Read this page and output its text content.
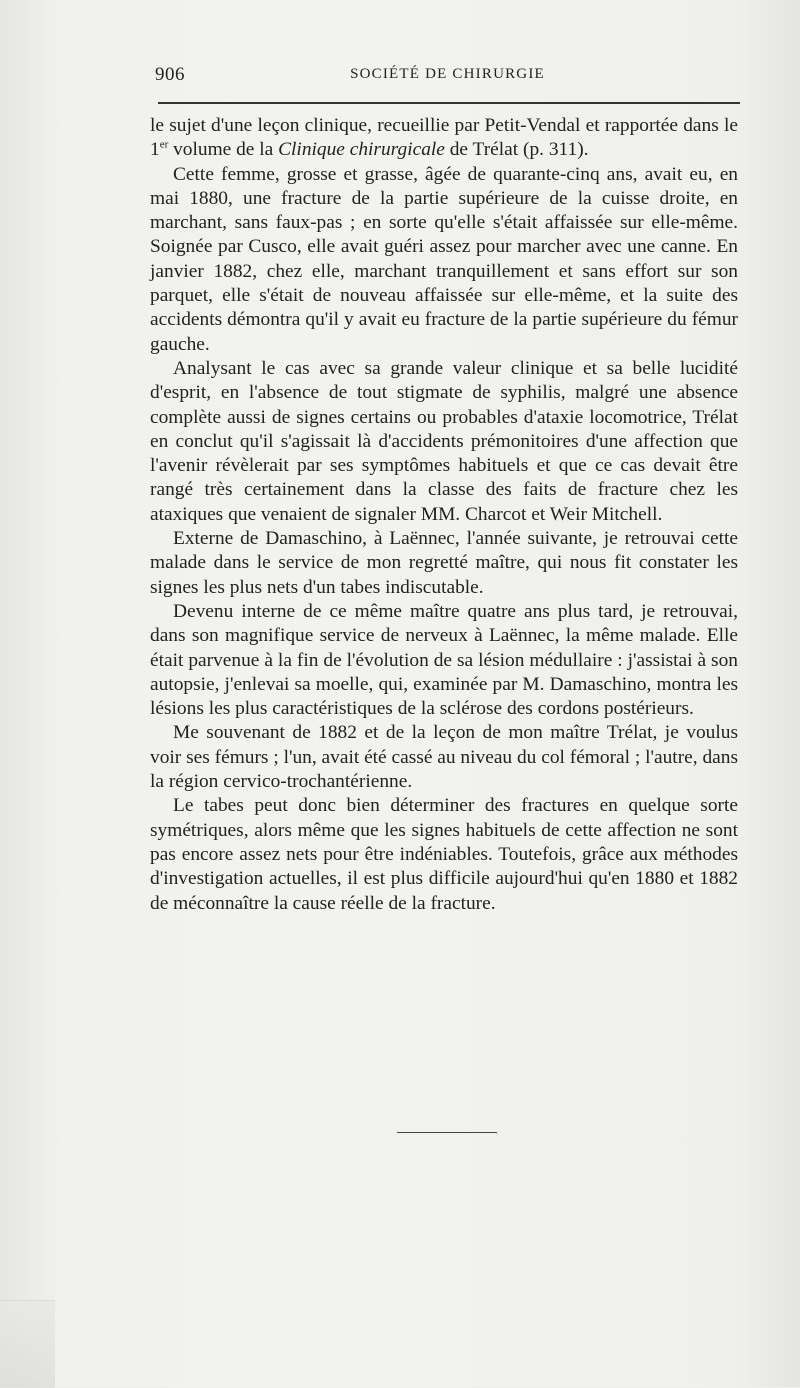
906	SOCIÉTÉ DE CHIRURGIE

le sujet d'une leçon clinique, recueillie par Petit-Vendal et rapportée dans le 1er volume de la Clinique chirurgicale de Trélat (p. 311).

Cette femme, grosse et grasse, âgée de quarante-cinq ans, avait eu, en mai 1880, une fracture de la partie supérieure de la cuisse droite, en marchant, sans faux-pas ; en sorte qu'elle s'était affaissée sur elle-même. Soignée par Cusco, elle avait guéri assez pour marcher avec une canne. En janvier 1882, chez elle, marchant tranquillement et sans effort sur son parquet, elle s'était de nouveau affaissée sur elle-même, et la suite des accidents démontra qu'il y avait eu fracture de la partie supérieure du fémur gauche.

Analysant le cas avec sa grande valeur clinique et sa belle lucidité d'esprit, en l'absence de tout stigmate de syphilis, malgré une absence complète aussi de signes certains ou probables d'ataxie locomotrice, Trélat en conclut qu'il s'agissait là d'accidents prémonitoires d'une affection que l'avenir révèlerait par ses symptômes habituels et que ce cas devait être rangé très certainement dans la classe des faits de fracture chez les ataxiques que venaient de signaler MM. Charcot et Weir Mitchell.

Externe de Damaschino, à Laënnec, l'année suivante, je retrouvai cette malade dans le service de mon regretté maître, qui nous fit constater les signes les plus nets d'un tabes indiscutable.

Devenu interne de ce même maître quatre ans plus tard, je retrouvai, dans son magnifique service de nerveux à Laënnec, la même malade. Elle était parvenue à la fin de l'évolution de sa lésion médullaire : j'assistai à son autopsie, j'enlevai sa moelle, qui, examinée par M. Damaschino, montra les lésions les plus caractéristiques de la sclérose des cordons postérieurs.

Me souvenant de 1882 et de la leçon de mon maître Trélat, je voulus voir ses fémurs ; l'un, avait été cassé au niveau du col fémoral ; l'autre, dans la région cervico-trochantérienne.

Le tabes peut donc bien déterminer des fractures en quelque sorte symétriques, alors même que les signes habituels de cette affection ne sont pas encore assez nets pour être indéniables. Toutefois, grâce aux méthodes d'investigation actuelles, il est plus difficile aujourd'hui qu'en 1880 et 1882 de méconnaître la cause réelle de la fracture.
